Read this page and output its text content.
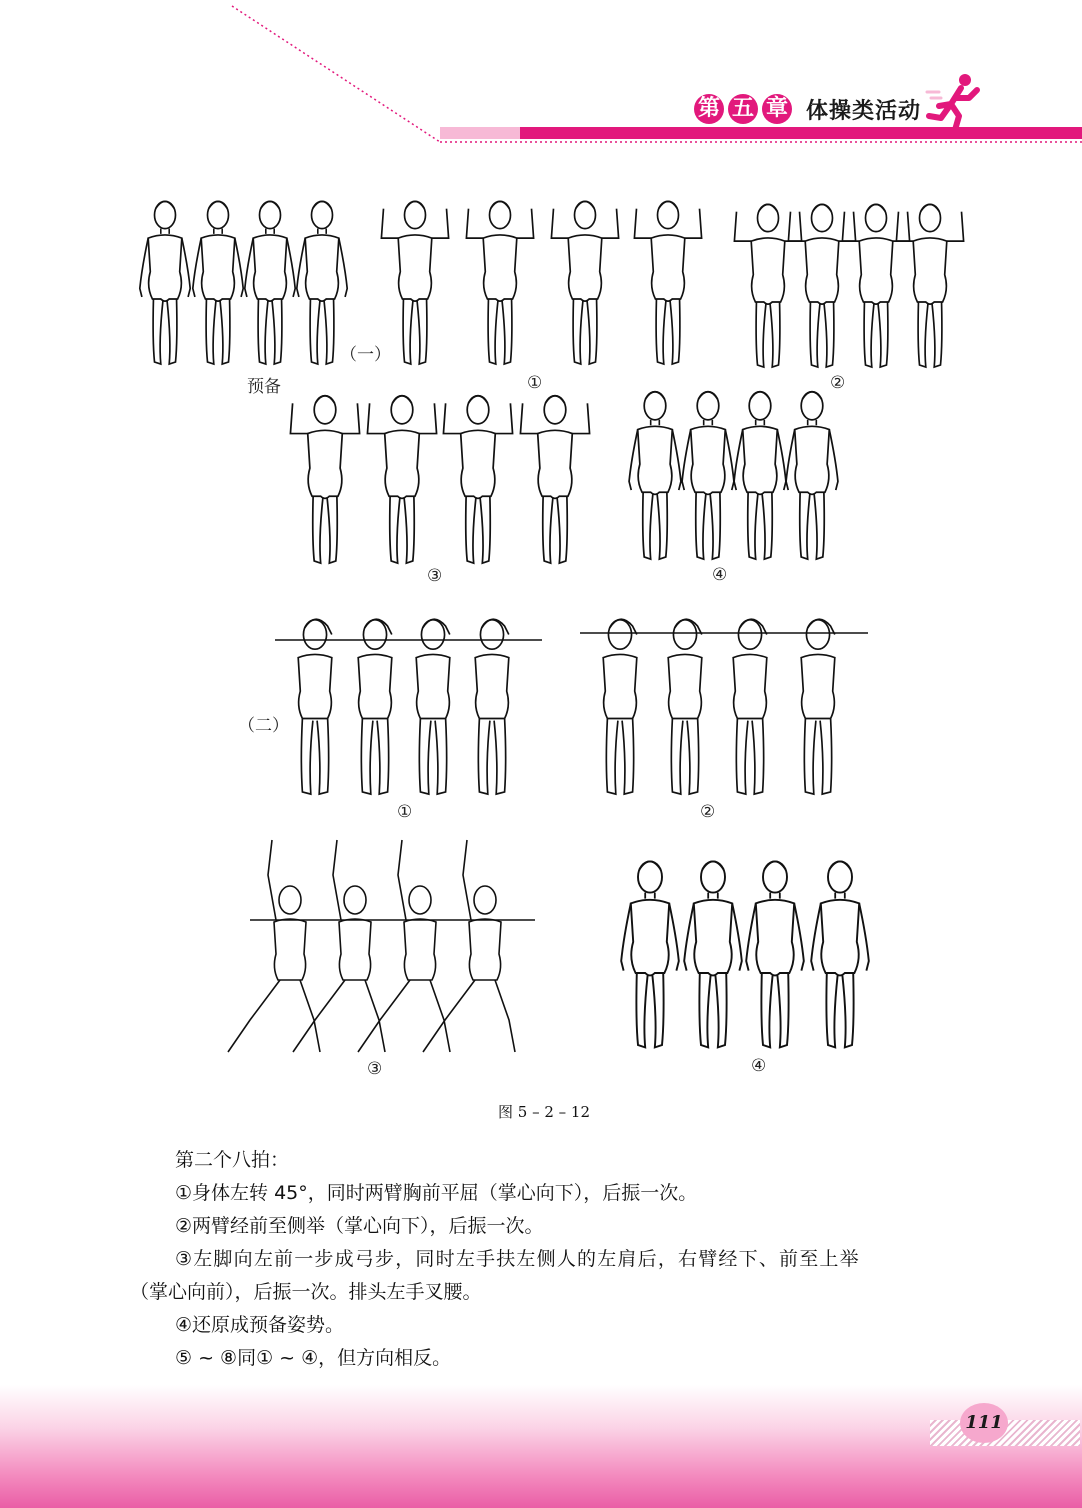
第 五 章 体操类活动
预备
（一）
①	②
③	④
（二）
①	②
③	④
图 5 – 2 – 12
第二个八拍：
①身体左转 45°，同时两臂胸前平屈（掌心向下），后振一次。
②两臂经前至侧举（掌心向下），后振一次。
③左脚向左前一步成弓步，同时左手扶左侧人的左肩后，右臂经下、前至上举
（掌心向前），后振一次。排头左手叉腰。
④还原成预备姿势。
⑤ ~ ⑧同① ~ ④，但方向相反。
111
